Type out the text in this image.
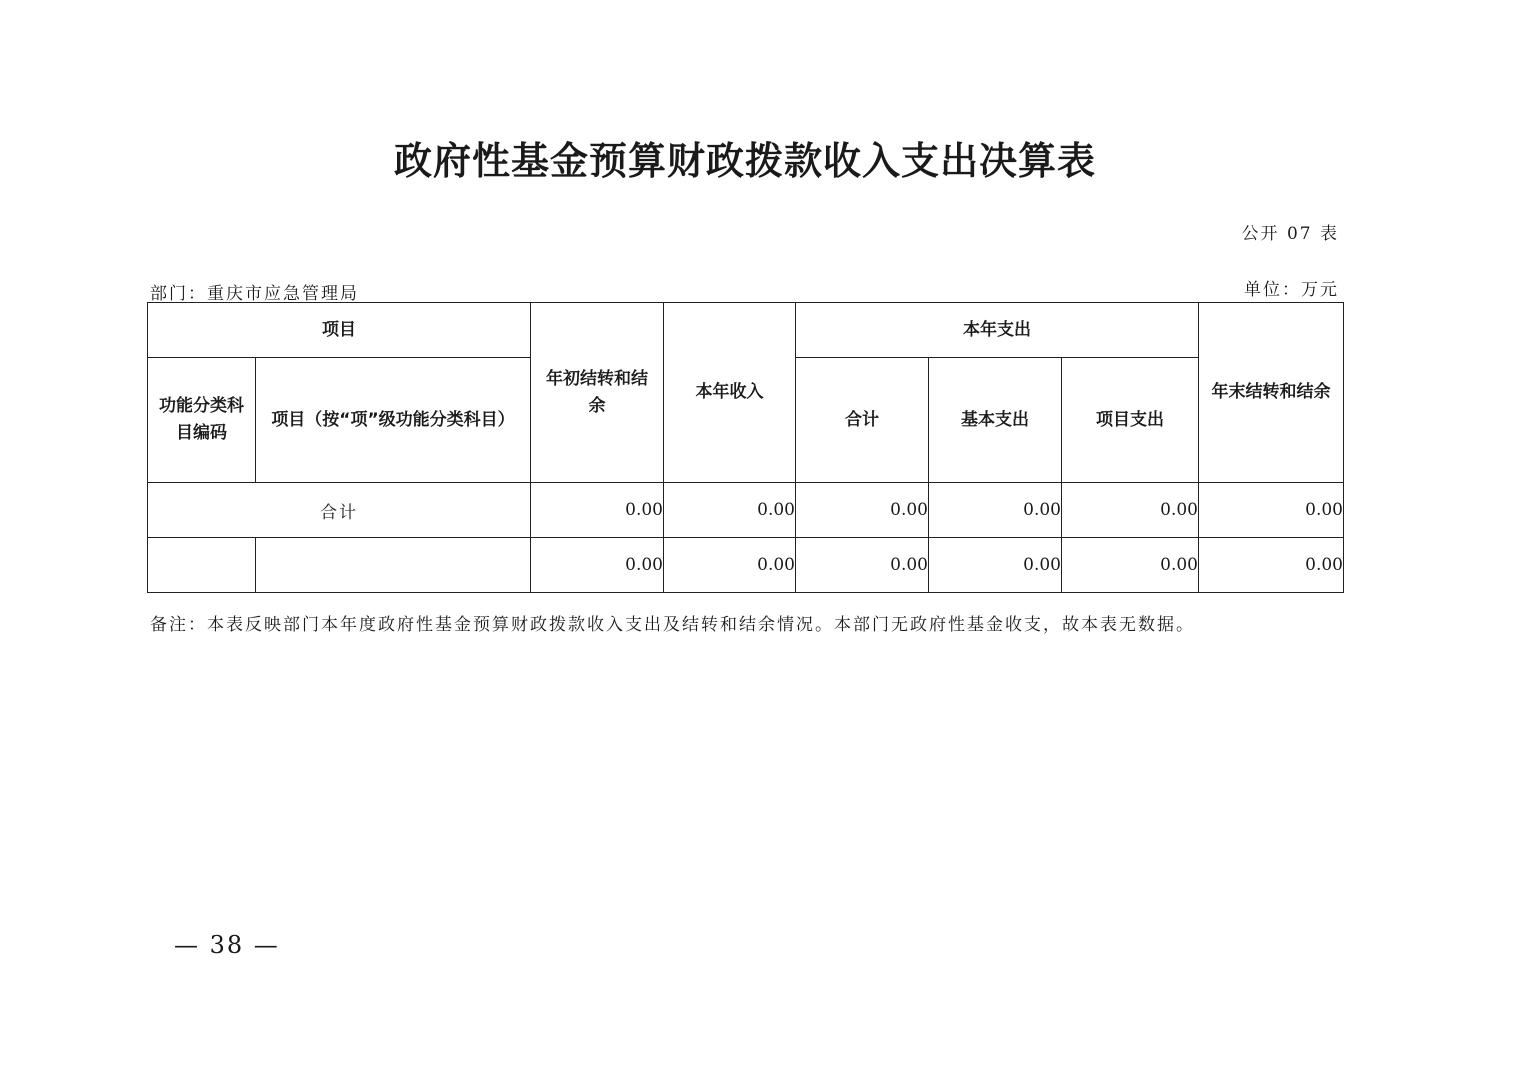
政府性基金预算财政拨款收入支出决算表
公开 07 表
部门：重庆市应急管理局	单位：万元
项目		年初结转和结余	本年收入	本年支出			年末结转和结余
功能分类科目编码	项目（按“项”级功能分类科目）			合计	基本支出	项目支出	
合计		0.00	0.00	0.00	0.00	0.00	0.00
		0.00	0.00	0.00	0.00	0.00	0.00
备注：本表反映部门本年度政府性基金预算财政拨款收入支出及结转和结余情况。本部门无政府性基金收支，故本表无数据。
— 38 —
